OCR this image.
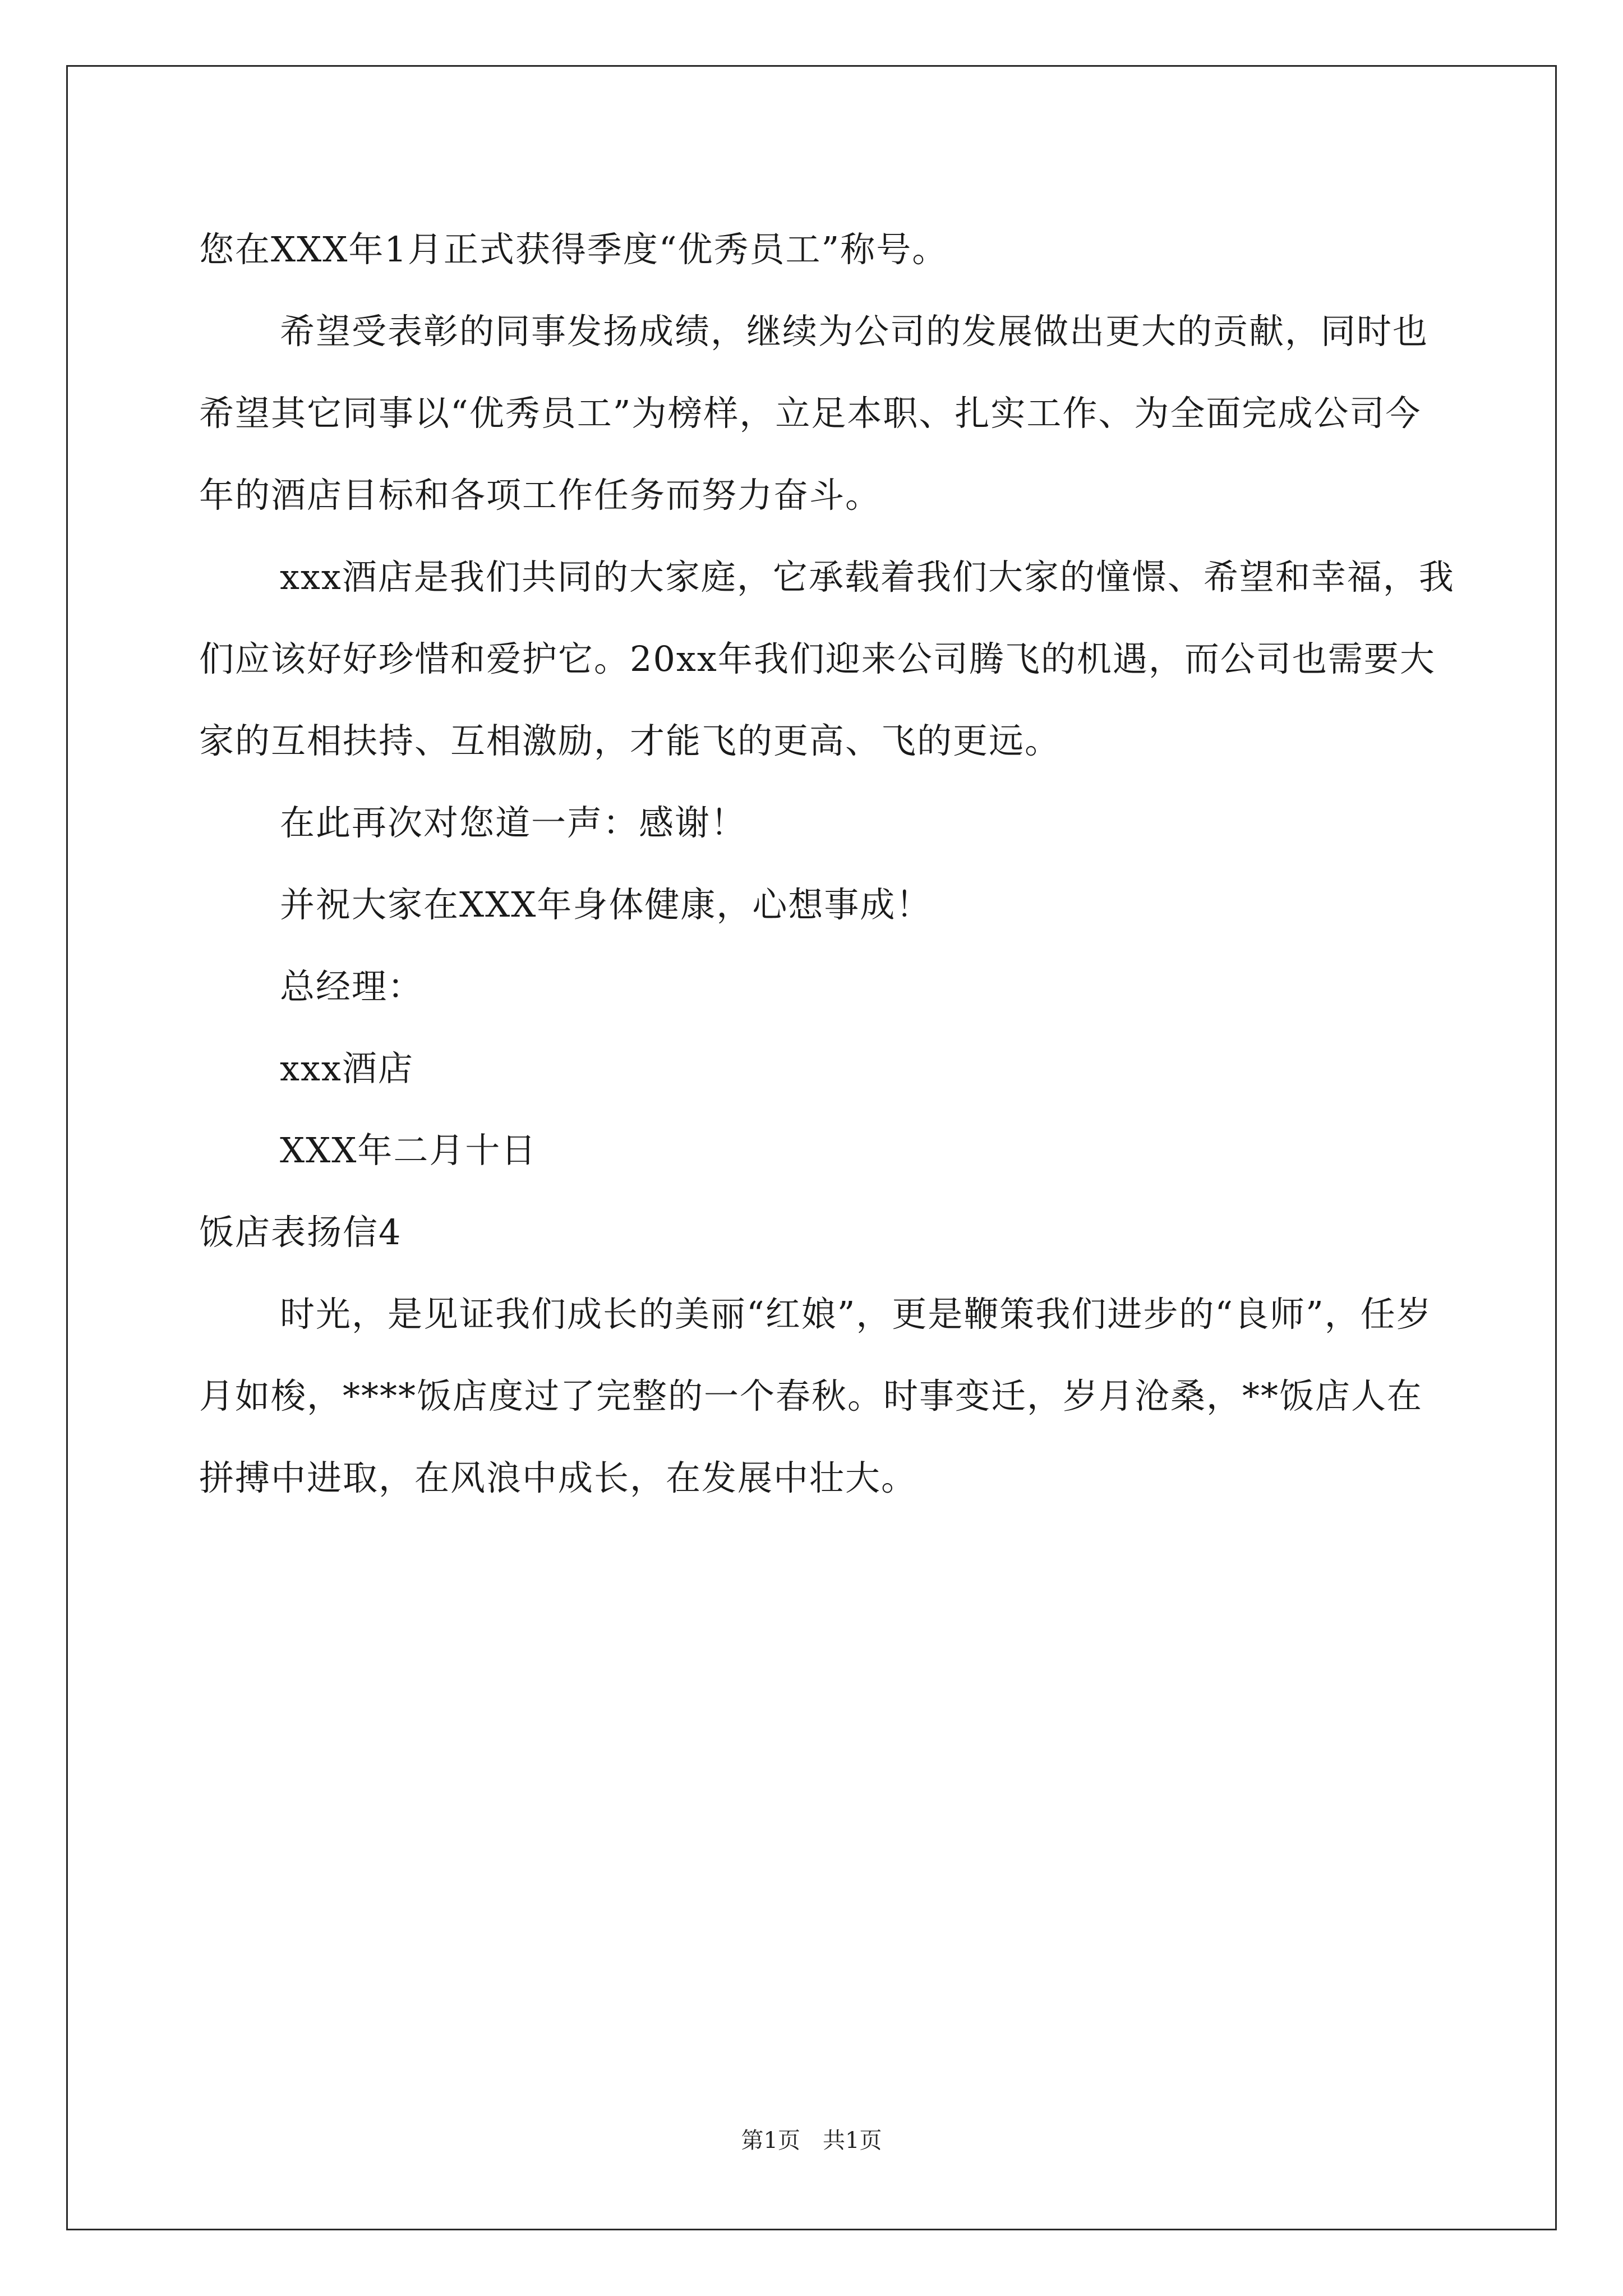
您在XXX年1月正式获得季度“优秀员工”称号。

希望受表彰的同事发扬成绩，继续为公司的发展做出更大的贡献，同时也希望其它同事以“优秀员工”为榜样，立足本职、扎实工作、为全面完成公司今年的酒店目标和各项工作任务而努力奋斗。

xxx酒店是我们共同的大家庭，它承载着我们大家的憧憬、希望和幸福，我们应该好好珍惜和爱护它。20xx年我们迎来公司腾飞的机遇，而公司也需要大家的互相扶持、互相激励，才能飞的更高、飞的更远。

在此再次对您道一声：感谢！

并祝大家在XXX年身体健康，心想事成！

总经理：

xxx酒店

XXX年二月十日

饭店表扬信4

时光，是见证我们成长的美丽“红娘”，更是鞭策我们进步的“良师”，任岁月如梭，****饭店度过了完整的一个春秋。时事变迁，岁月沧桑，**饭店人在拼搏中进取，在风浪中成长，在发展中壮大。

第1页　共1页
